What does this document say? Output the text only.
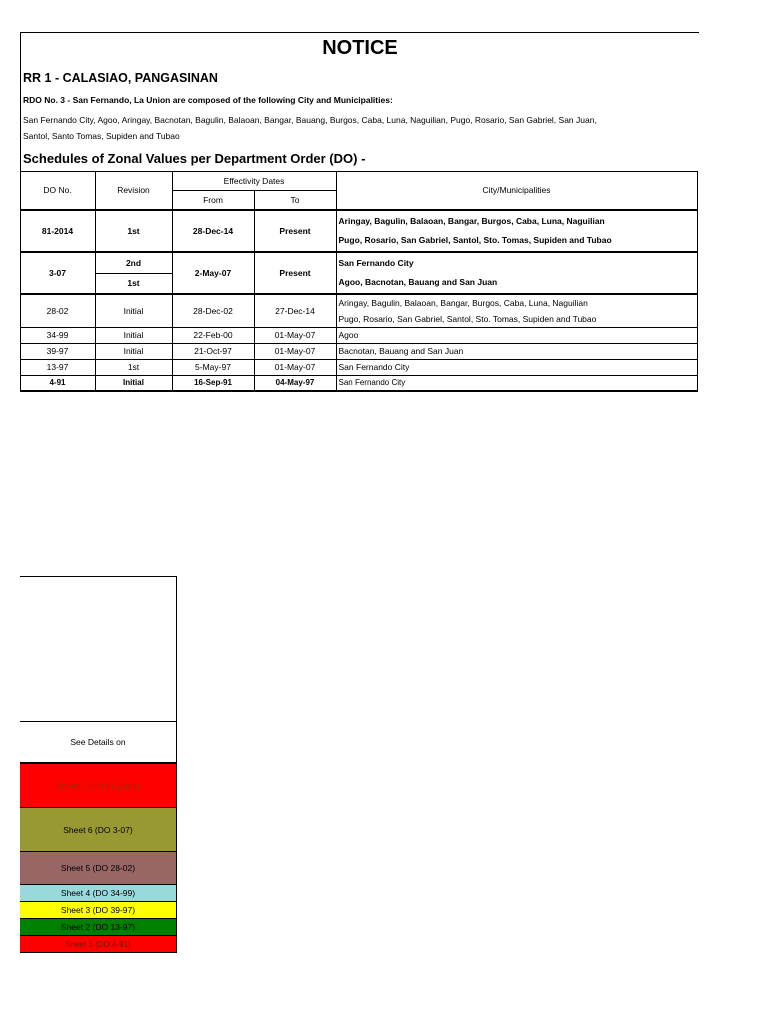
NOTICE
RR 1 - CALASIAO, PANGASINAN
RDO No. 3 - San Fernando, La Union are composed of the following City and Municipalities:
San Fernando City, Agoo, Aringay, Bacnotan, Bagulin, Balaoan, Bangar, Bauang, Burgos, Caba, Luna, Naguilian, Pugo, Rosario, San Gabriel, San Juan,
Santol, Santo Tomas, Supiden and Tubao
Schedules of Zonal Values per Department Order (DO) -
DO No.	Revision	Effectivity Dates		City/Municipalities
		From	To	
81-2014	1st	28-Dec-14	Present	Aringay, Bagulin, Balaoan, Bangar, Burgos, Caba, Luna, Naguilian
Pugo, Rosario, San Gabriel, Santol, Sto. Tomas, Supiden and Tubao

3-07	2nd	2-May-07	Present	San Fernando City
Agoo, Bacnotan, Bauang and San Juan

	1st			
28-02	Initial	28-Dec-02	27-Dec-14	Aringay, Bagulin, Balaoan, Bangar, Burgos, Caba, Luna, Naguilian
Pugo, Rosario, San Gabriel, Santol, Sto. Tomas, Supiden and Tubao

34-99	Initial	22-Feb-00	01-May-07	Agoo
39-97	Initial	21-Oct-97	01-May-07	Bacnotan, Bauang and San Juan
13-97	1st	5-May-97	01-May-07	San Fernando City
4-91	Initial	16-Sep-91	04-May-97	San Fernando City
See Details on
Sheet 7 (DO 81-2014)
Sheet 6 (DO 3-07)
Sheet 5 (DO 28-02)
Sheet 4 (DO 34-99)
Sheet 3 (DO 39-97)
Sheet 2 (DO 13-97)
Sheet 1 (DO 4-91)
